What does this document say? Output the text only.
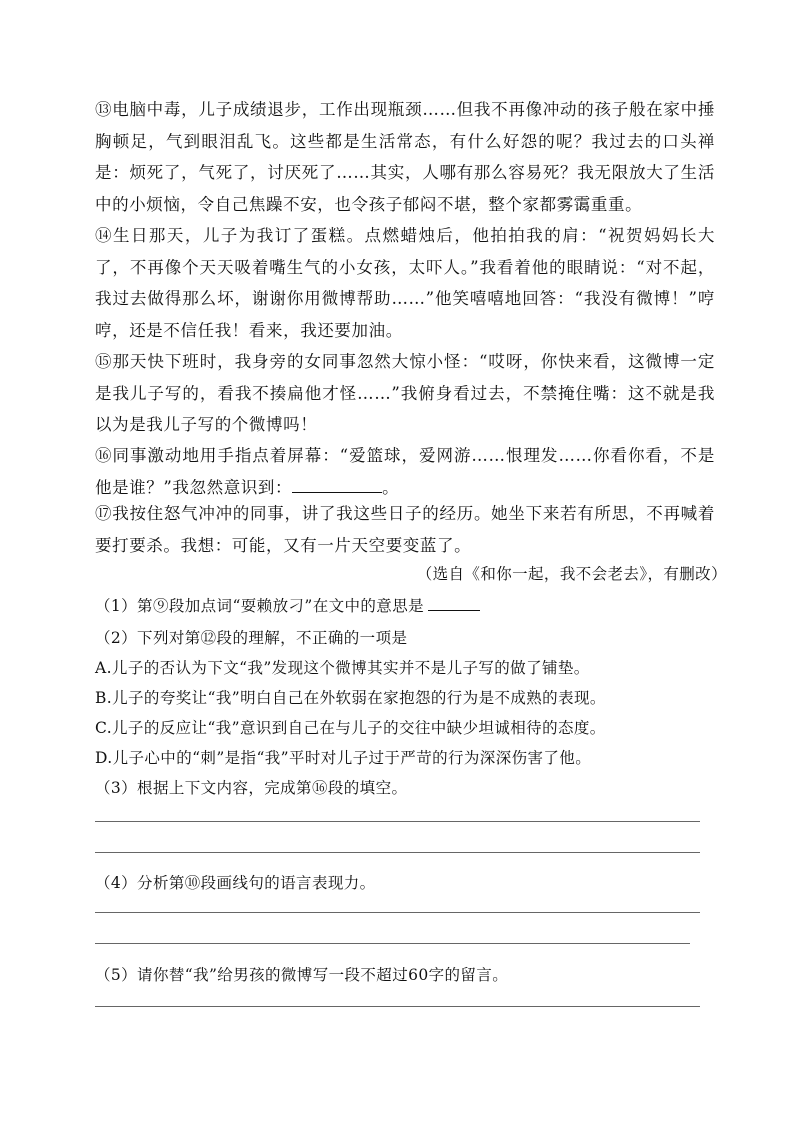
⑬电脑中毒，儿子成绩退步，工作出现瓶颈……但我不再像冲动的孩子般在家中捶胸顿足，气到眼泪乱飞。这些都是生活常态，有什么好怨的呢？我过去的口头禅是：烦死了，气死了，讨厌死了……其实，人哪有那么容易死？我无限放大了生活中的小烦恼，令自己焦躁不安，也令孩子郁闷不堪，整个家都雾霭重重。

⑭生日那天，儿子为我订了蛋糕。点燃蜡烛后，他拍拍我的肩：“祝贺妈妈长大了，不再像个天天吸着嘴生气的小女孩，太吓人。”我看着他的眼睛说：“对不起，我过去做得那么坏，谢谢你用微博帮助……”他笑嘻嘻地回答：“我没有微博！”哼哼，还是不信任我！看来，我还要加油。

⑮那天快下班时，我身旁的女同事忽然大惊小怪：“哎呀，你快来看，这微博一定是我儿子写的，看我不揍扁他才怪……”我俯身看过去，不禁掩住嘴：这不就是我以为是我儿子写的个微博吗！

⑯同事激动地用手指点着屏幕：“爱篮球，爱网游……恨理发……你看你看，不是他是谁？”我忽然意识到：	。

⑰我按住怒气冲冲的同事，讲了我这些日子的经历。她坐下来若有所思，不再喊着要打要杀。我想：可能，又有一片天空要变蓝了。

（选自《和你一起，我不会老去》，有删改）
（1）第⑨段加点词“耍赖放刁”在文中的意思是
（2）下列对第⑫段的理解，不正确的一项是
A.儿子的否认为下文“我”发现这个微博其实并不是儿子写的做了铺垫。
B.儿子的夸奖让“我”明白自己在外软弱在家抱怨的行为是不成熟的表现。
C.儿子的反应让“我”意识到自己在与儿子的交往中缺少坦诚相待的态度。
D.儿子心中的“刺”是指“我”平时对儿子过于严苛的行为深深伤害了他。
（3）根据上下文内容，完成第⑯段的填空。
（4）分析第⑩段画线句的语言表现力。
（5）请你替“我”给男孩的微博写一段不超过60字的留言。
